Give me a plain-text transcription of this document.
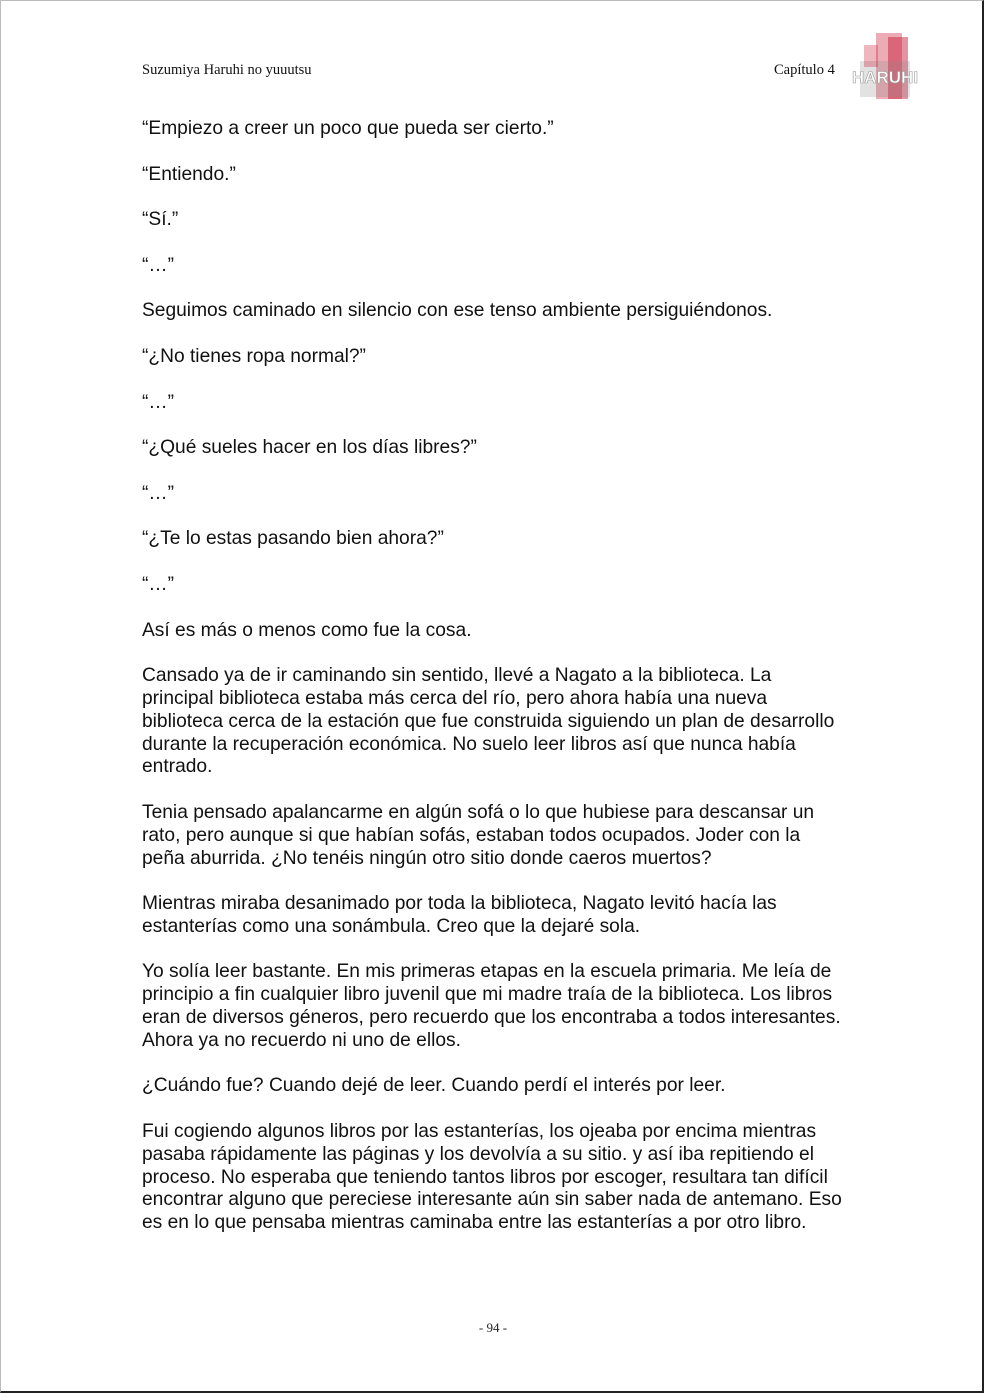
Suzumiya Haruhi no yuuutsu	Capítulo 4 HARUHI

“Empiezo a creer un poco que pueda ser cierto.”

“Entiendo.”

“Sí.”

“…”

Seguimos caminado en silencio con ese tenso ambiente persiguiéndonos.

“¿No tienes ropa normal?”

“…”

“¿Qué sueles hacer en los días libres?”

“…”

“¿Te lo estas pasando bien ahora?”

“…”

Así es más o menos como fue la cosa.

Cansado ya de ir caminando sin sentido, llevé a Nagato a la biblioteca. La principal biblioteca estaba más cerca del río, pero ahora había una nueva biblioteca cerca de la estación que fue construida siguiendo un plan de desarrollo durante la recuperación económica. No suelo leer libros así que nunca había entrado.

Tenia pensado apalancarme en algún sofá o lo que hubiese para descansar un rato, pero aunque si que habían sofás, estaban todos ocupados. Joder con la peña aburrida. ¿No tenéis ningún otro sitio donde caeros muertos?

Mientras miraba desanimado por toda la biblioteca, Nagato levitó hacía las estanterías como una sonámbula. Creo que la dejaré sola.

Yo solía leer bastante. En mis primeras etapas en la escuela primaria. Me leía de principio a fin cualquier libro juvenil que mi madre traía de la biblioteca. Los libros eran de diversos géneros, pero recuerdo que los encontraba a todos interesantes. Ahora ya no recuerdo ni uno de ellos.

¿Cuándo fue? Cuando dejé de leer. Cuando perdí el interés por leer.

Fui cogiendo algunos libros por las estanterías, los ojeaba por encima mientras pasaba rápidamente las páginas y los devolvía a su sitio. y así iba repitiendo el proceso. No esperaba que teniendo tantos libros por escoger, resultara tan difícil encontrar alguno que pereciese interesante aún sin saber nada de antemano. Eso es en lo que pensaba mientras caminaba entre las estanterías a por otro libro.

- 94 -
